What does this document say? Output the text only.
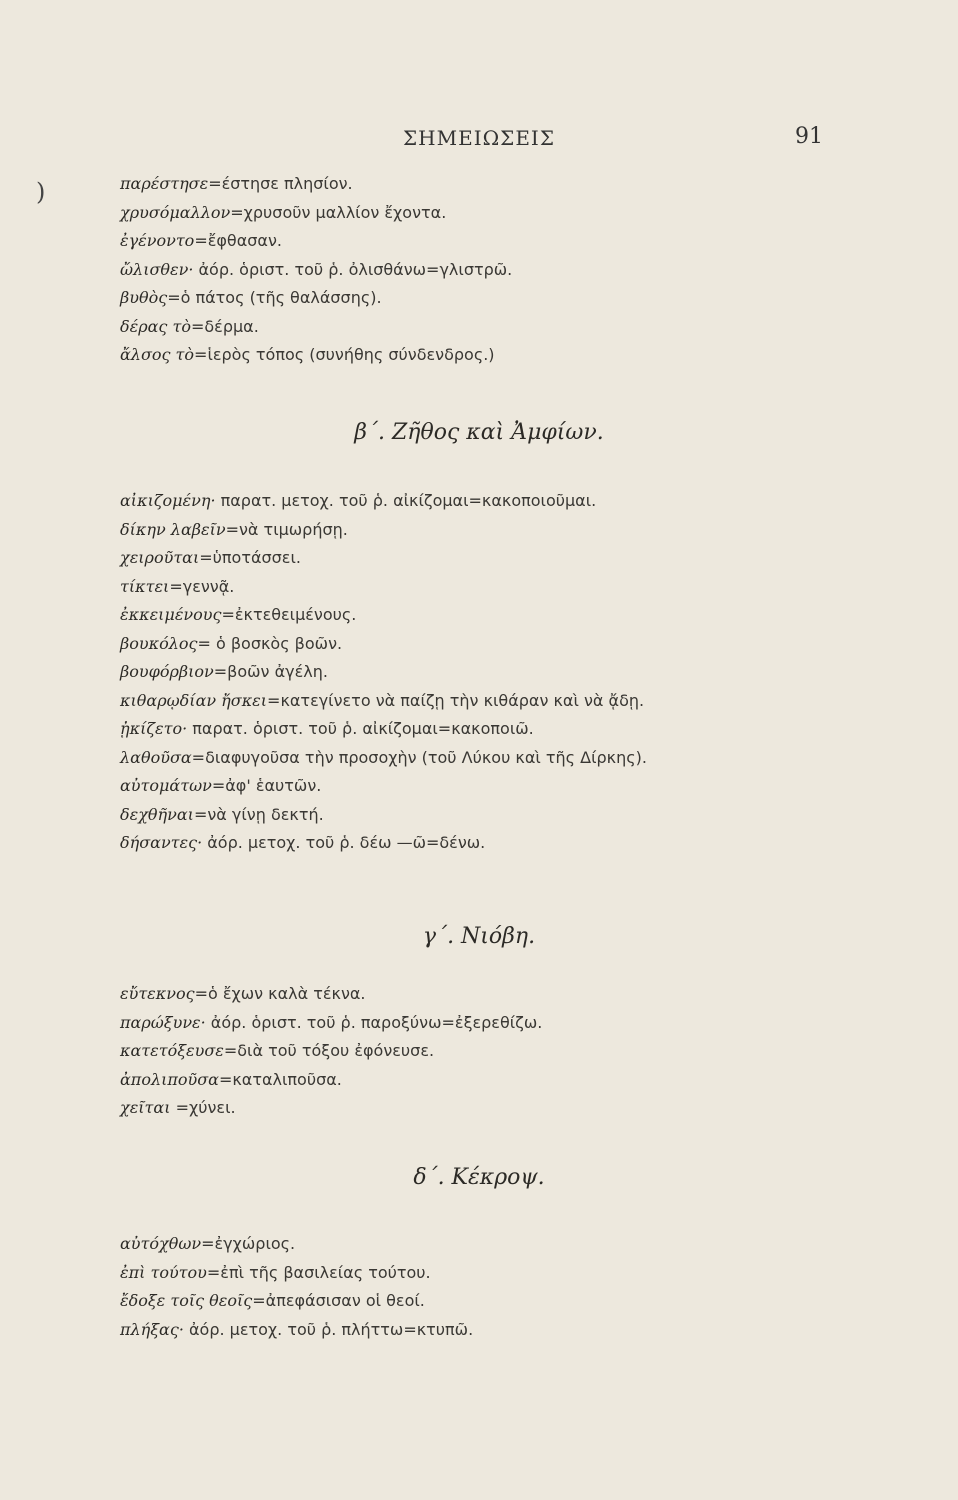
ΣΗΜΕΙΩΣΕΙΣ	91
)	παρέστησε=έστησε πλησίον.
χρυσόμαλλον=χρυσοῦν μαλλίον ἔχοντα.
ἐγένοντο=ἔφθασαν.
ὤλισθεν· ἀόρ. ὁριστ. τοῦ ῥ. ὀλισθάνω=γλιστρῶ.
βυθὸς=ὁ πάτος (τῆς θαλάσσης).
δέρας τὸ=δέρμα.
ἄλσος τὸ=ἱερὸς τόπος (συνήθης σύνδενδρος.)
β΄. Ζῆθος καὶ Ἀμφίων.
αἰκιζομένη· παρατ. μετοχ. τοῦ ῥ. αἰκίζομαι=κακοποιοῦμαι.
δίκην λαβεῖν=νὰ τιμωρήσῃ.
χειροῦται=ὑποτάσσει.
τίκτει=γεννᾷ.
ἐκκειμένους=ἐκτεθειμένους.
βουκόλος= ὁ βοσκὸς βοῶν.
βουφόρβιον=βοῶν ἀγέλη.
κιθαρῳδίαν ἤσκει=κατεγίνετο νὰ παίζῃ τὴν κιθάραν καὶ νὰ ᾄδῃ.
ᾐκίζετο· παρατ. ὁριστ. τοῦ ῥ. αἰκίζομαι=κακοποιῶ.
λαθοῦσα=διαφυγοῦσα τὴν προσοχὴν (τοῦ Λύκου καὶ τῆς Δίρκης).
αὐτομάτων=ἀφ' ἑαυτῶν.
δεχθῆναι=νὰ γίνῃ δεκτή.
δήσαντες· ἀόρ. μετοχ. τοῦ ῥ. δέω —ῶ=δένω.
γ΄. Νιόβη.
εὔτεκνος=ὁ ἔχων καλὰ τέκνα.
παρώξυνε· ἀόρ. ὁριστ. τοῦ ῥ. παροξύνω=ἐξερεθίζω.
κατετόξευσε=διὰ τοῦ τόξου ἐφόνευσε.
ἀπολιποῦσα=καταλιποῦσα.
χεῖται =χύνει.
δ΄. Κέκροψ.
αὐτόχθων=ἐγχώριος.
ἐπὶ τούτου=ἐπὶ τῆς βασιλείας τούτου.
ἔδοξε τοῖς θεοῖς=ἀπεφάσισαν οἱ θεοί.
πλήξας· ἀόρ. μετοχ. τοῦ ῥ. πλήττω=κτυπῶ.
